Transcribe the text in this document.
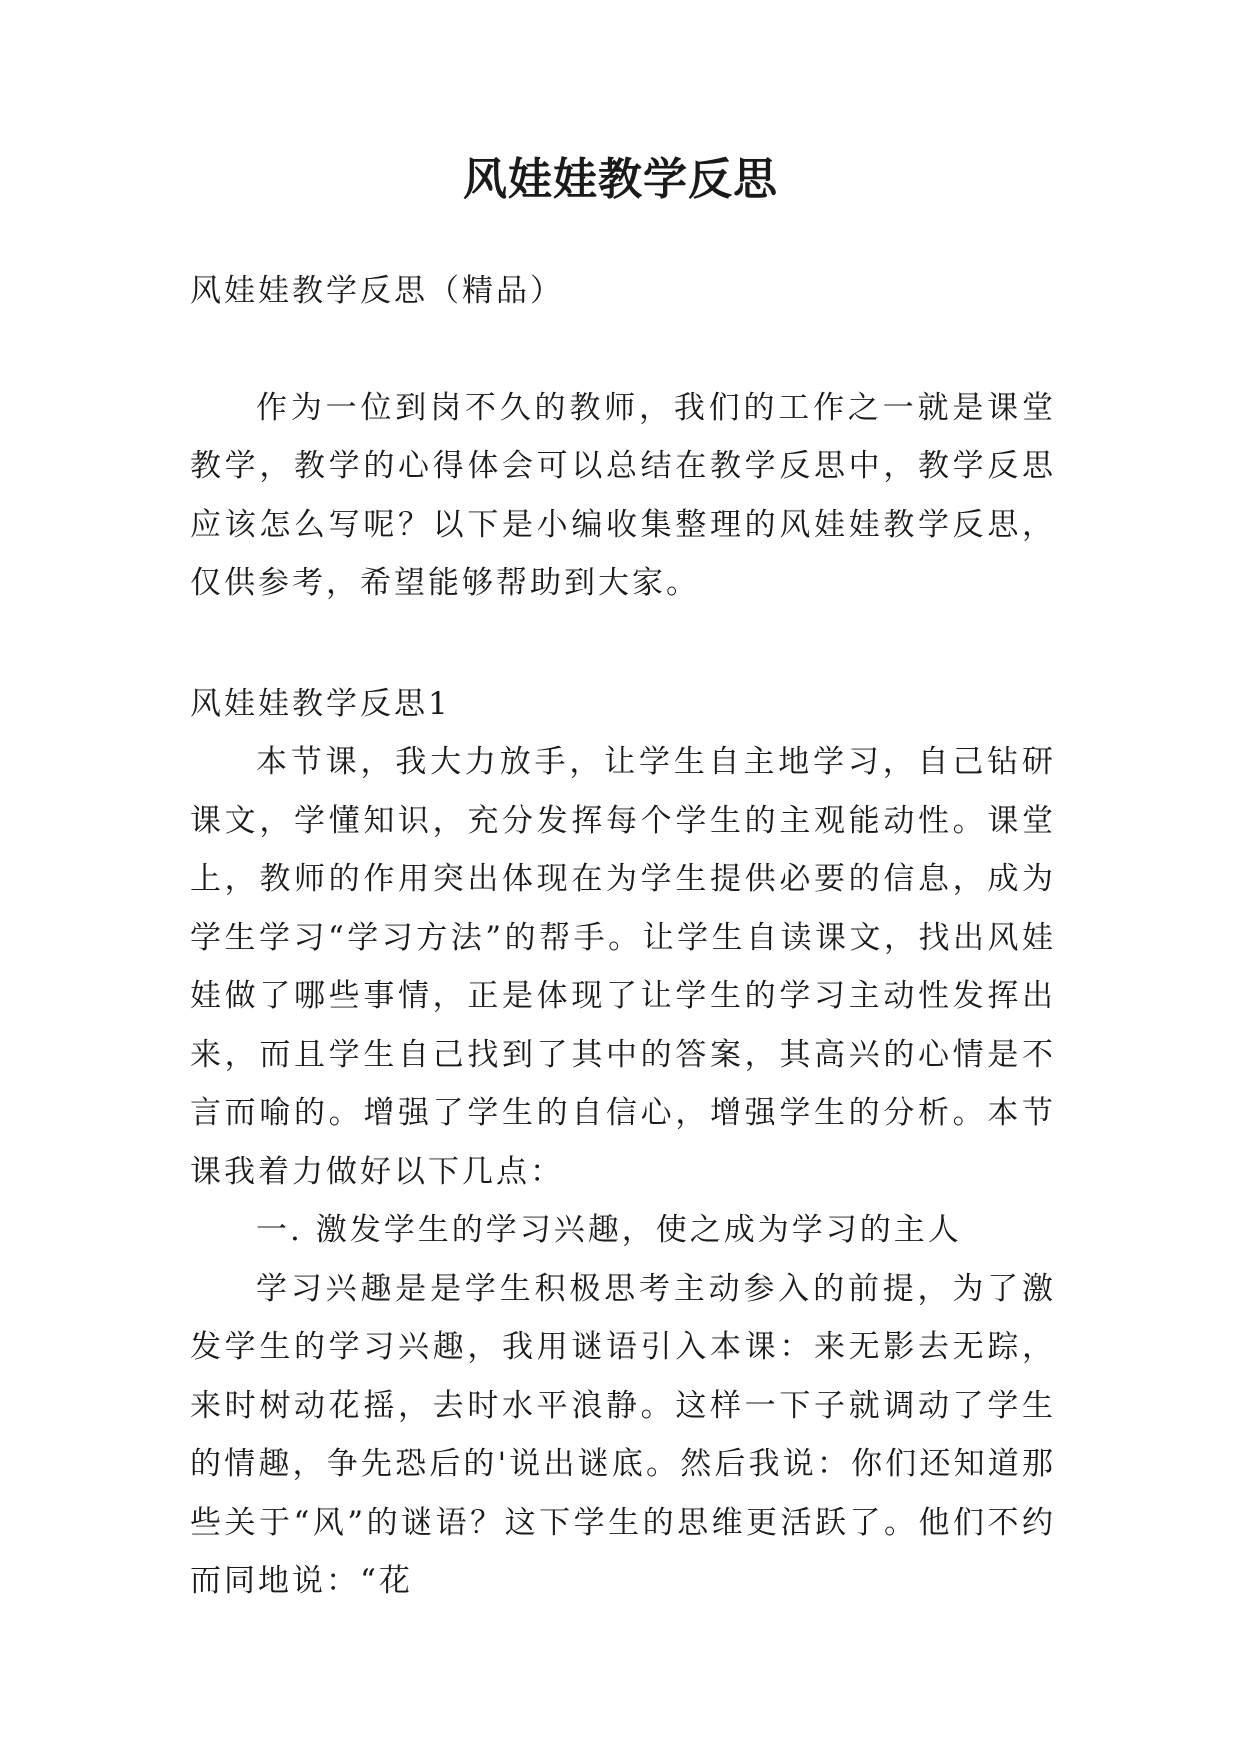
风娃娃教学反思

风娃娃教学反思（精品）

作为一位到岗不久的教师，我们的工作之一就是课堂教学，教学的心得体会可以总结在教学反思中，教学反思应该怎么写呢？以下是小编收集整理的风娃娃教学反思，仅供参考，希望能够帮助到大家。

风娃娃教学反思1

本节课，我大力放手，让学生自主地学习，自己钻研课文，学懂知识，充分发挥每个学生的主观能动性。课堂上，教师的作用突出体现在为学生提供必要的信息，成为学生学习“学习方法”的帮手。让学生自读课文，找出风娃娃做了哪些事情，正是体现了让学生的学习主动性发挥出来，而且学生自己找到了其中的答案，其高兴的心情是不言而喻的。增强了学生的自信心，增强学生的分析。本节课我着力做好以下几点：

一. 激发学生的学习兴趣，使之成为学习的主人

学习兴趣是是学生积极思考主动参入的前提，为了激发学生的学习兴趣，我用谜语引入本课：来无影去无踪，来时树动花摇，去时水平浪静。这样一下子就调动了学生的情趣，争先恐后的'说出谜底。然后我说：你们还知道那些关于“风”的谜语？这下学生的思维更活跃了。他们不约而同地说：“花
